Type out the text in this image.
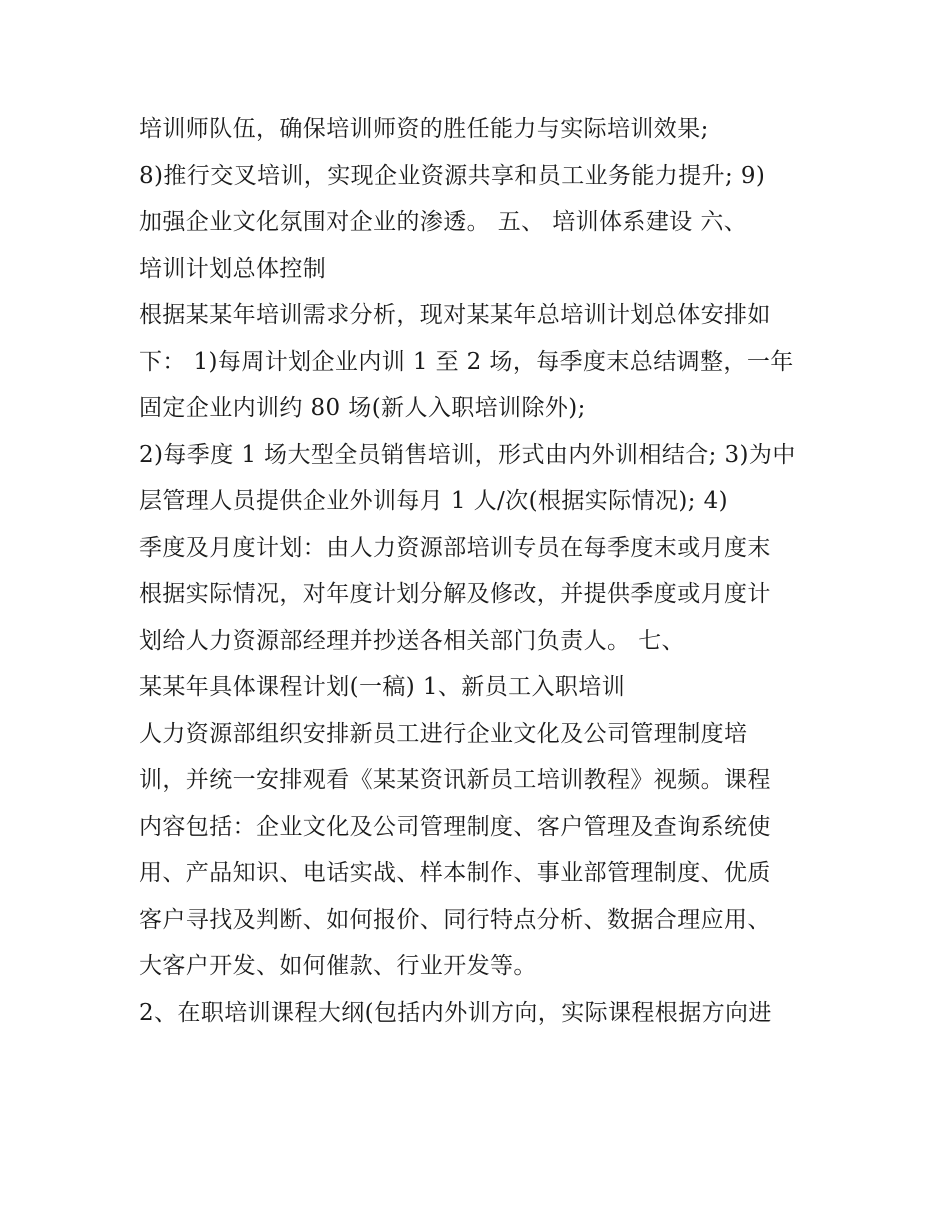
培训师队伍，确保培训师资的胜任能力与实际培训效果;
8)推行交叉培训，实现企业资源共享和员工业务能力提升; 9)
加强企业文化氛围对企业的渗透。 五、 培训体系建设 六、
培训计划总体控制
根据某某年培训需求分析，现对某某年总培训计划总体安排如
下： 1)每周计划企业内训 1 至 2 场，每季度末总结调整，一年
固定企业内训约 80 场(新人入职培训除外);
2)每季度 1 场大型全员销售培训，形式由内外训相结合; 3)为中
层管理人员提供企业外训每月 1 人/次(根据实际情况); 4)
季度及月度计划：由人力资源部培训专员在每季度末或月度末
根据实际情况，对年度计划分解及修改，并提供季度或月度计
划给人力资源部经理并抄送各相关部门负责人。 七、
某某年具体课程计划(一稿) 1、新员工入职培训
人力资源部组织安排新员工进行企业文化及公司管理制度培
训，并统一安排观看《某某资讯新员工培训教程》视频。课程
内容包括：企业文化及公司管理制度、客户管理及查询系统使
用、产品知识、电话实战、样本制作、事业部管理制度、优质
客户寻找及判断、如何报价、同行特点分析、数据合理应用、
大客户开发、如何催款、行业开发等。
2、在职培训课程大纲(包括内外训方向，实际课程根据方向进
